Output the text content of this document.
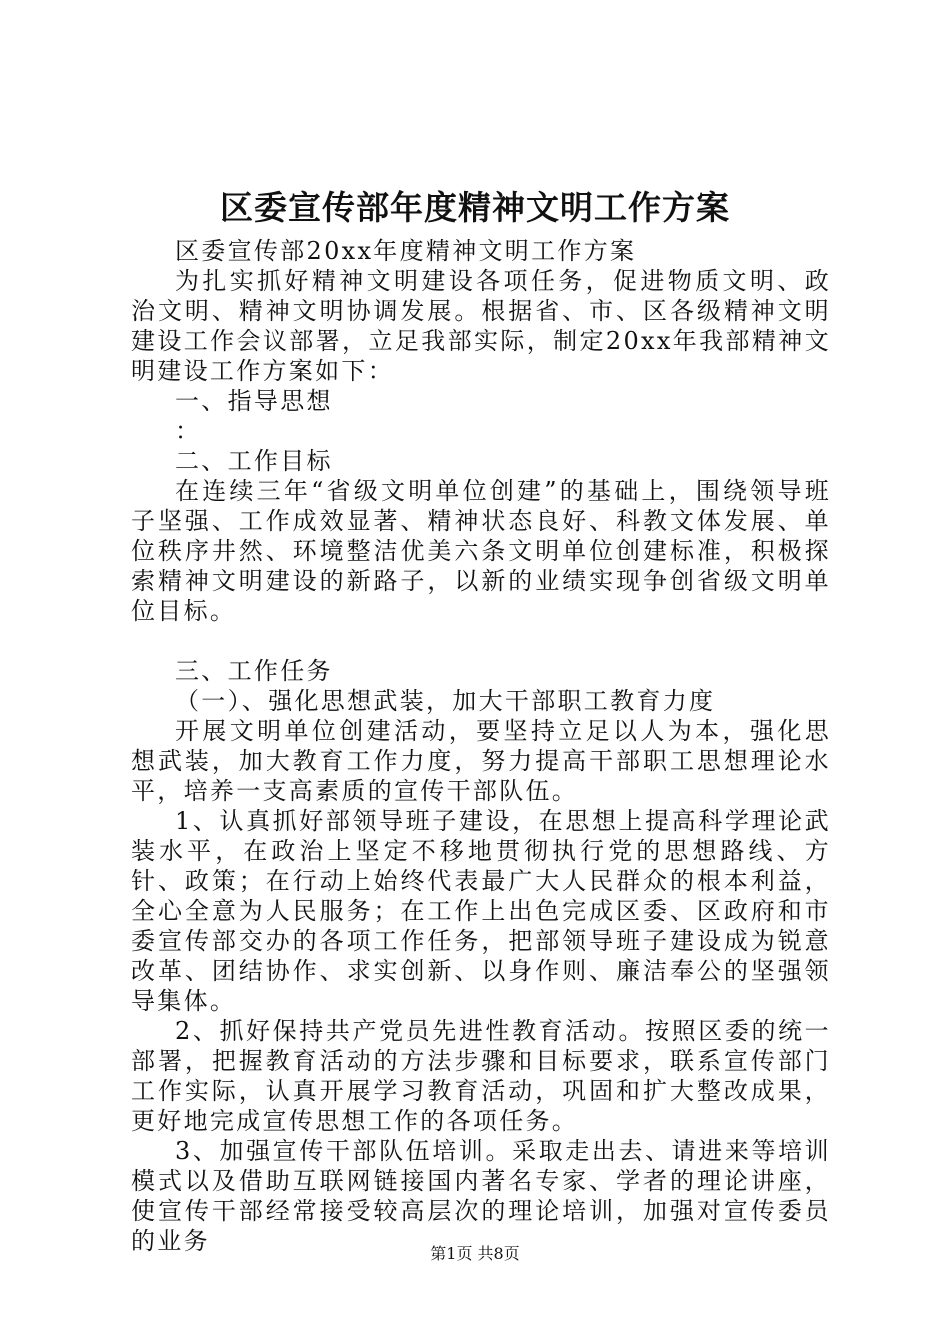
区委宣传部年度精神文明工作方案

区委宣传部20xx年度精神文明工作方案

为扎实抓好精神文明建设各项任务，促进物质文明、政治文明、精神文明协调发展。根据省、市、区各级精神文明建设工作会议部署，立足我部实际，制定20xx年我部精神文明建设工作方案如下：

一、指导思想

：

二、工作目标

在连续三年“省级文明单位创建”的基础上，围绕领导班子坚强、工作成效显著、精神状态良好、科教文体发展、单位秩序井然、环境整洁优美六条文明单位创建标准，积极探索精神文明建设的新路子，以新的业绩实现争创省级文明单位目标。

三、工作任务

（一）、强化思想武装，加大干部职工教育力度

开展文明单位创建活动，要坚持立足以人为本，强化思想武装，加大教育工作力度，努力提高干部职工思想理论水平，培养一支高素质的宣传干部队伍。

1、认真抓好部领导班子建设，在思想上提高科学理论武装水平，在政治上坚定不移地贯彻执行党的思想路线、方针、政策；在行动上始终代表最广大人民群众的根本利益，全心全意为人民服务；在工作上出色完成区委、区政府和市委宣传部交办的各项工作任务，把部领导班子建设成为锐意改革、团结协作、求实创新、以身作则、廉洁奉公的坚强领导集体。

2、抓好保持共产党员先进性教育活动。按照区委的统一部署，把握教育活动的方法步骤和目标要求，联系宣传部门工作实际，认真开展学习教育活动，巩固和扩大整改成果，更好地完成宣传思想工作的各项任务。

3、加强宣传干部队伍培训。采取走出去、请进来等培训模式以及借助互联网链接国内著名专家、学者的理论讲座，使宣传干部经常接受较高层次的理论培训，加强对宣传委员的业务	第1页 共8页
